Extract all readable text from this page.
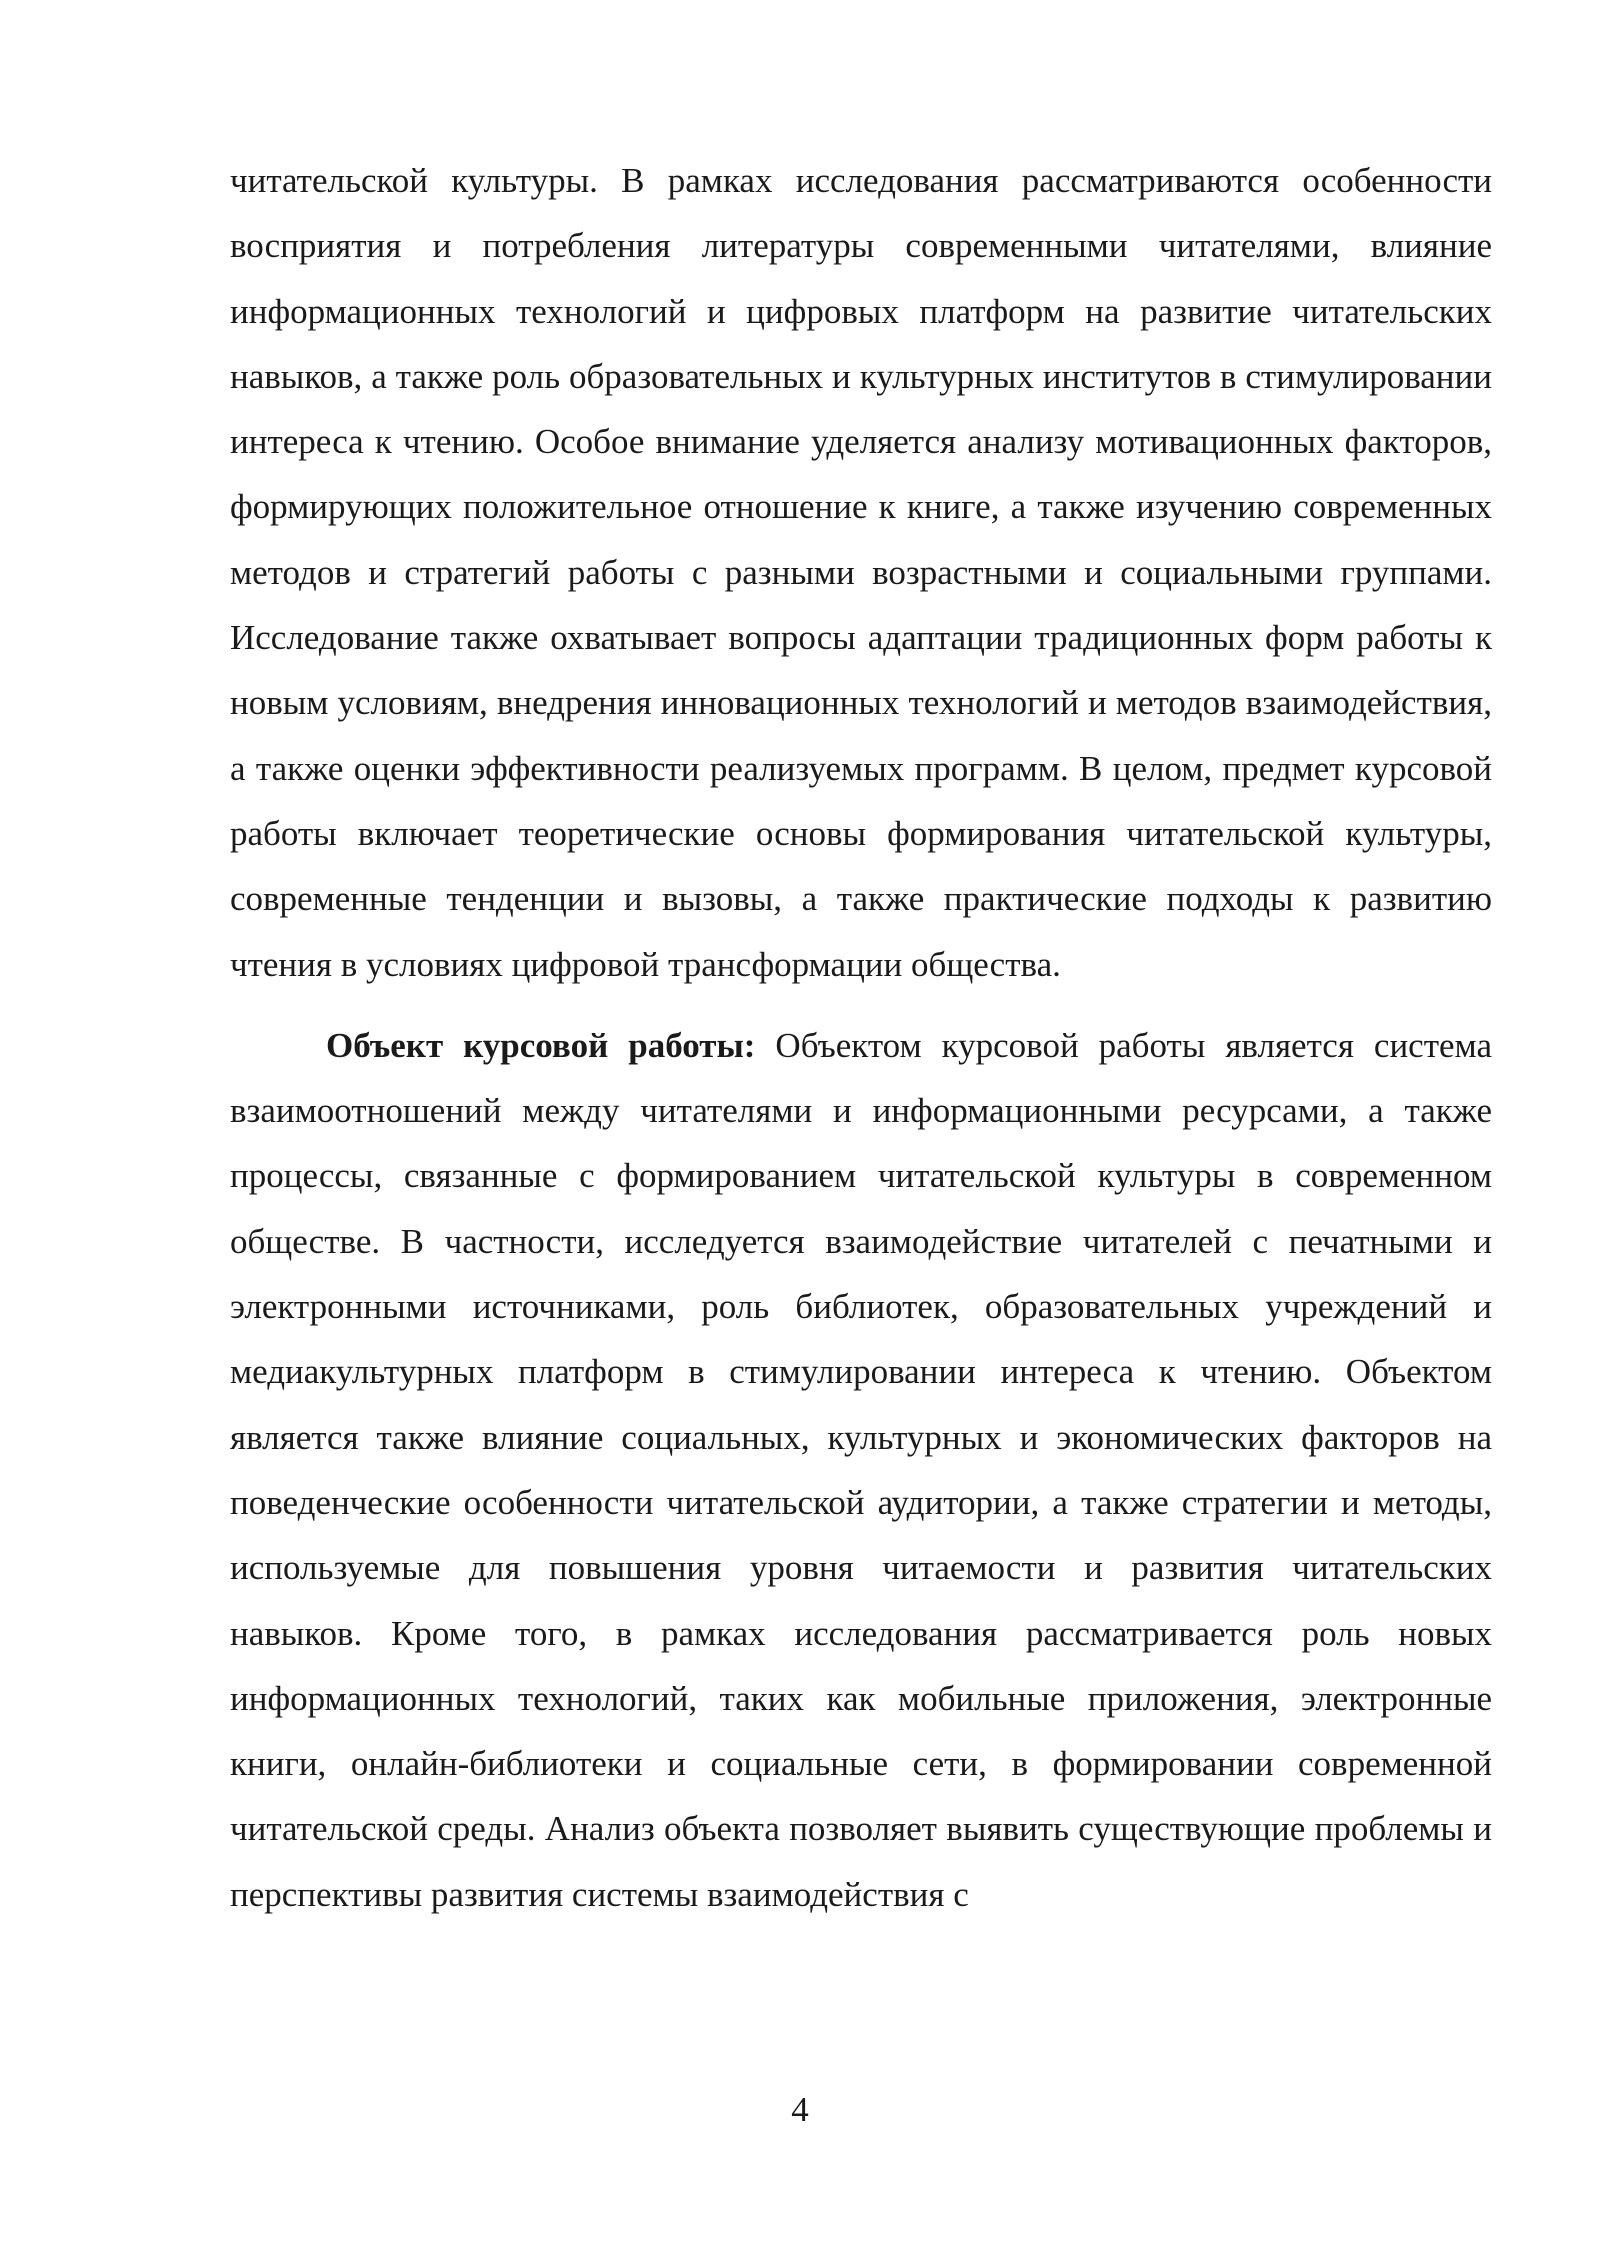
читательской культуры. В рамках исследования рассматриваются особенности восприятия и потребления литературы современными читателями, влияние информационных технологий и цифровых платформ на развитие читательских навыков, а также роль образовательных и культурных институтов в стимулировании интереса к чтению. Особое внимание уделяется анализу мотивационных факторов, формирующих положительное отношение к книге, а также изучению современных методов и стратегий работы с разными возрастными и социальными группами. Исследование также охватывает вопросы адаптации традиционных форм работы к новым условиям, внедрения инновационных технологий и методов взаимодействия, а также оценки эффективности реализуемых программ. В целом, предмет курсовой работы включает теоретические основы формирования читательской культуры, современные тенденции и вызовы, а также практические подходы к развитию чтения в условиях цифровой трансформации общества.

Объект курсовой работы: Объектом курсовой работы является система взаимоотношений между читателями и информационными ресурсами, а также процессы, связанные с формированием читательской культуры в современном обществе. В частности, исследуется взаимодействие читателей с печатными и электронными источниками, роль библиотек, образовательных учреждений и медиакультурных платформ в стимулировании интереса к чтению. Объектом является также влияние социальных, культурных и экономических факторов на поведенческие особенности читательской аудитории, а также стратегии и методы, используемые для повышения уровня читаемости и развития читательских навыков. Кроме того, в рамках исследования рассматривается роль новых информационных технологий, таких как мобильные приложения, электронные книги, онлайн-библиотеки и социальные сети, в формировании современной читательской среды. Анализ объекта позволяет выявить существующие проблемы и перспективы развития системы взаимодействия с

4
